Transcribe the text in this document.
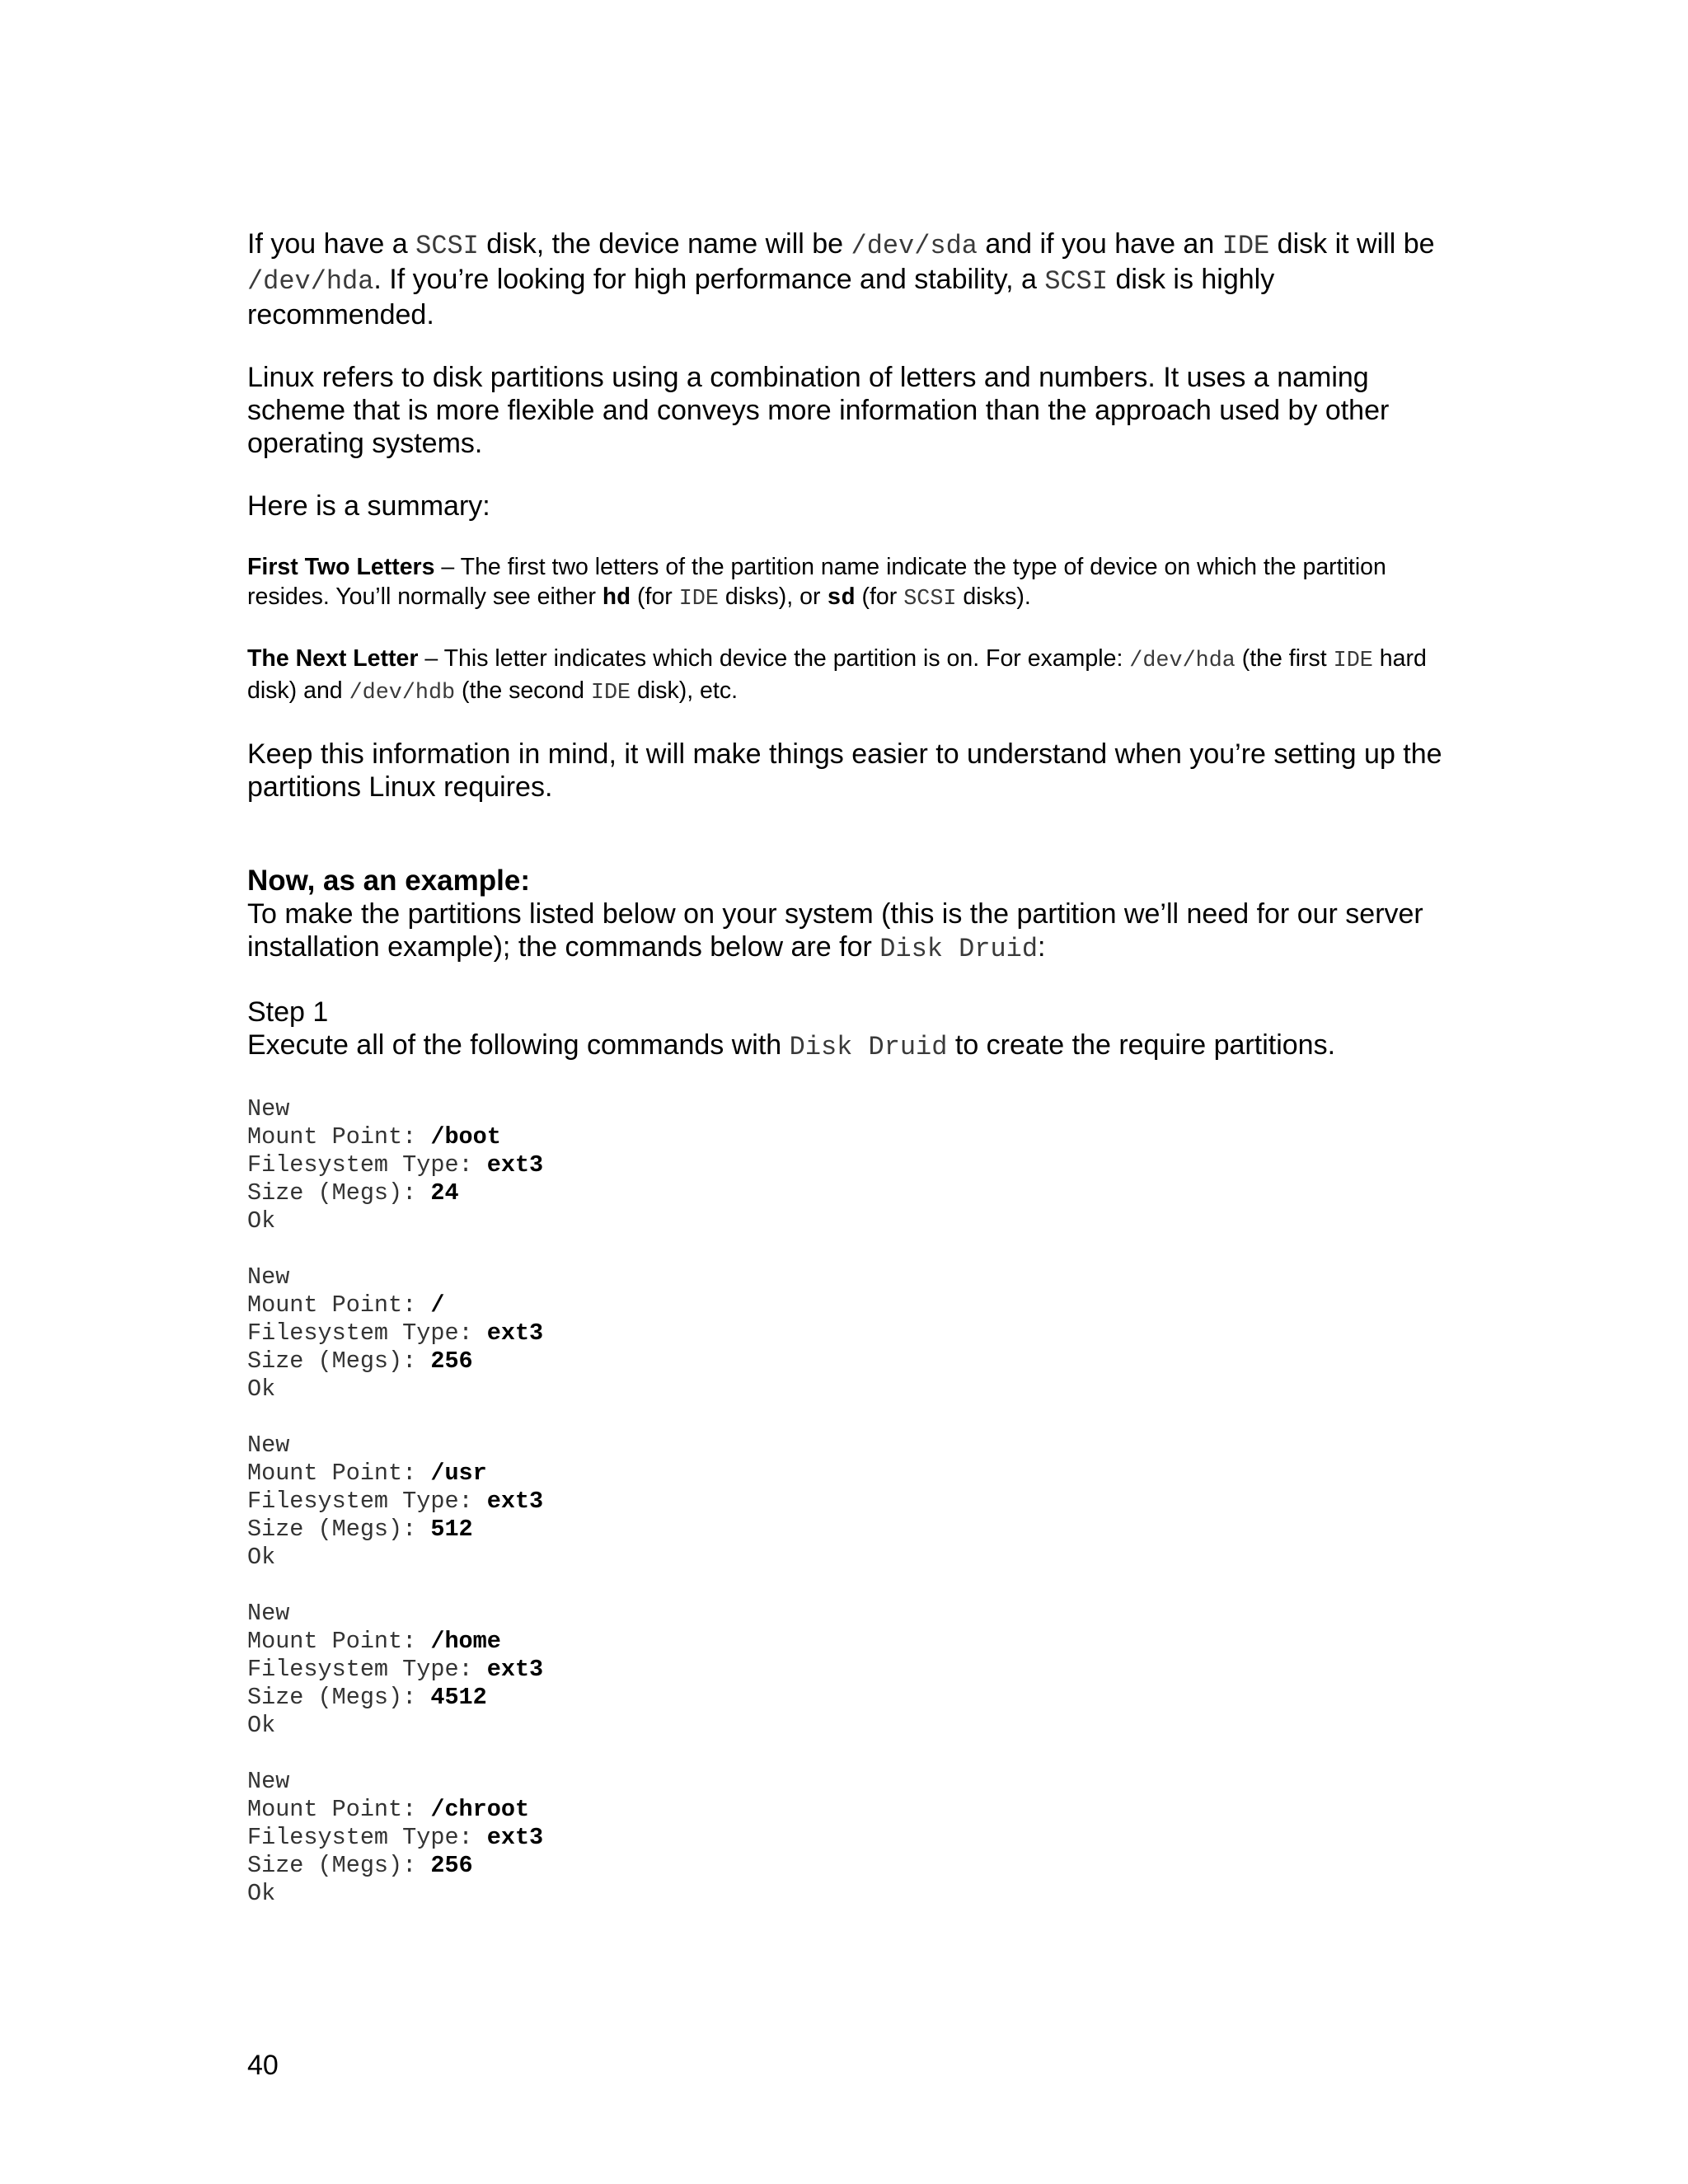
If you have a SCSI disk, the device name will be /dev/sda and if you have an IDE disk it will be /dev/hda. If you’re looking for high performance and stability, a SCSI disk is highly recommended.

Linux refers to disk partitions using a combination of letters and numbers. It uses a naming scheme that is more flexible and conveys more information than the approach used by other operating systems.

Here is a summary:

First Two Letters – The first two letters of the partition name indicate the type of device on which the partition resides. You’ll normally see either hd (for IDE disks), or sd (for SCSI disks).

The Next Letter – This letter indicates which device the partition is on. For example: /dev/hda (the first IDE hard disk) and /dev/hdb (the second IDE disk), etc.

Keep this information in mind, it will make things easier to understand when you’re setting up the partitions Linux requires.

Now, as an example:

To make the partitions listed below on your system (this is the partition we’ll need for our server installation example); the commands below are for Disk Druid:

Step 1

Execute all of the following commands with Disk Druid to create the require partitions.

New
Mount Point: /boot
Filesystem Type: ext3
Size (Megs): 24
Ok
New
Mount Point: /
Filesystem Type: ext3
Size (Megs): 256
Ok
New
Mount Point: /usr
Filesystem Type: ext3
Size (Megs): 512
Ok
New
Mount Point: /home
Filesystem Type: ext3
Size (Megs): 4512
Ok
New
Mount Point: /chroot
Filesystem Type: ext3
Size (Megs): 256
Ok
40
